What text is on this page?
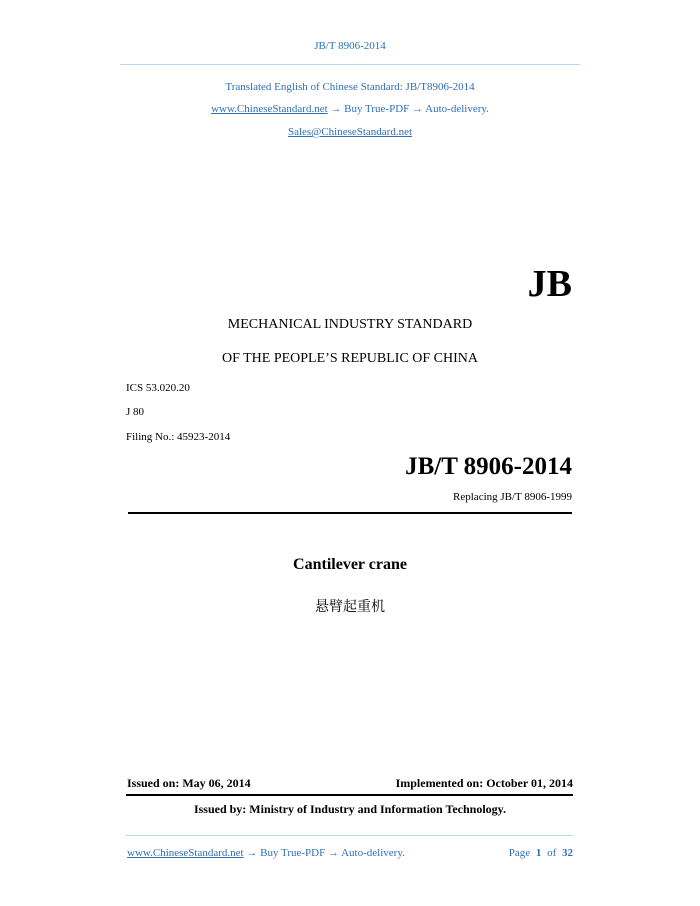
JB/T 8906-2014
Translated English of Chinese Standard: JB/T8906-2014
www.ChineseStandard.net → Buy True-PDF → Auto-delivery.
Sales@ChineseStandard.net
JB
MECHANICAL INDUSTRY STANDARD
OF THE PEOPLE’S REPUBLIC OF CHINA
ICS 53.020.20
J 80
Filing No.: 45923-2014
JB/T 8906-2014
Replacing JB/T 8906-1999
Cantilever crane
悬臂起重机
Issued on: May 06, 2014	Implemented on: October 01, 2014
Issued by: Ministry of Industry and Information Technology.
www.ChineseStandard.net → Buy True-PDF → Auto-delivery.	Page 1 of 32
